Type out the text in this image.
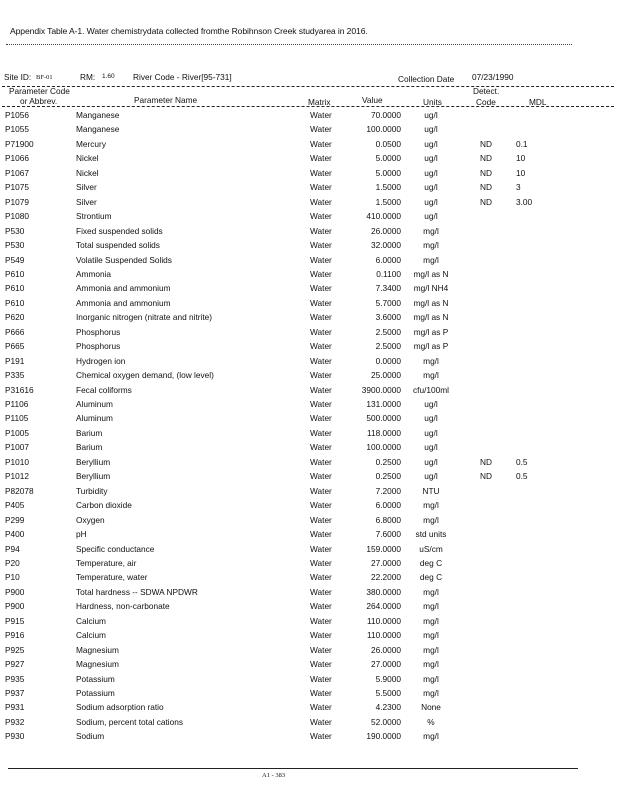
Appendix Table A-1. Water chemistrydata collected fromthe Robihnson Creek studyarea in 2016.
Site ID: BF-01	RM: 1.60 River Code - River[95-731]	Collection Date 07/23/1990
Parameter Code
or Abbrev.	Parameter Name	Matrix	Value	Units
Detect.
Code	MDL
P1056	Manganese	Water	70.0000	ug/l
P1055	Manganese	Water	100.0000	ug/l
P71900	Mercury	Water	0.0500	ug/l	ND	0.1
P1066	Nickel	Water	5.0000	ug/l	ND	10
P1067	Nickel	Water	5.0000	ug/l	ND	10
P1075	Silver	Water	1.5000	ug/l	ND	3
P1079	Silver	Water	1.5000	ug/l	ND	3.00
P1080	Strontium	Water	410.0000	ug/l
P530	Fixed suspended solids	Water	26.0000	mg/l
P530	Total suspended solids	Water	32.0000	mg/l
P549	Volatile Suspended Solids	Water	6.0000	mg/l
P610	Ammonia	Water	0.1100	mg/l as N
P610	Ammonia and ammonium	Water	7.3400	mg/l NH4
P610	Ammonia and ammonium	Water	5.7000	mg/l as N
P620	Inorganic nitrogen (nitrate and nitrite)	Water	3.6000	mg/l as N
P666	Phosphorus	Water	2.5000	mg/l as P
P665	Phosphorus	Water	2.5000	mg/l as P
P191	Hydrogen ion	Water	0.0000	mg/l
P335	Chemical oxygen demand, (low level)	Water	25.0000	mg/l
P31616	Fecal coliforms	Water	3900.0000	cfu/100ml
P1106	Aluminum	Water	131.0000	ug/l
P1105	Aluminum	Water	500.0000	ug/l
P1005	Barium	Water	118.0000	ug/l
P1007	Barium	Water	100.0000	ug/l
P1010	Beryllium	Water	0.2500	ug/l	ND	0.5
P1012	Beryllium	Water	0.2500	ug/l	ND	0.5
P82078	Turbidity	Water	7.2000	NTU
P405	Carbon dioxide	Water	6.0000	mg/l
P299	Oxygen	Water	6.8000	mg/l
P400	pH	Water	7.6000	std units
P94	Specific conductance	Water	159.0000	uS/cm
P20	Temperature, air	Water	27.0000	deg C
P10	Temperature, water	Water	22.2000	deg C
P900	Total hardness -- SDWA NPDWR	Water	380.0000	mg/l
P900	Hardness, non-carbonate	Water	264.0000	mg/l
P915	Calcium	Water	110.0000	mg/l
P916	Calcium	Water	110.0000	mg/l
P925	Magnesium	Water	26.0000	mg/l
P927	Magnesium	Water	27.0000	mg/l
P935	Potassium	Water	5.9000	mg/l
P937	Potassium	Water	5.5000	mg/l
P931	Sodium adsorption ratio	Water	4.2300	None
P932	Sodium, percent total cations	Water	52.0000	%
P930	Sodium	Water	190.0000	mg/l
A1 - 383
